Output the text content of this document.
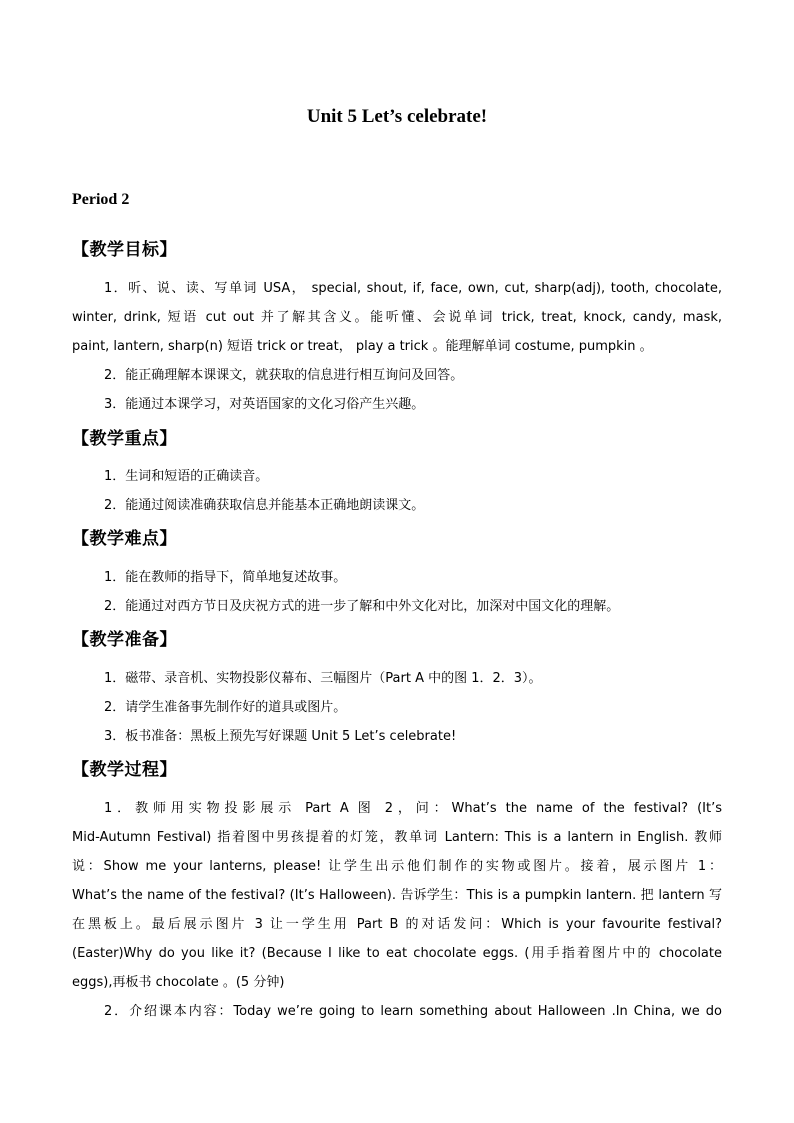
Unit 5 Let’s celebrate!
Period 2
【教学目标】
1．听、说、读、写单词 USA， special, shout, if, face, own, cut, sharp(adj), tooth, chocolate,
winter, drink, 短语 cut out 并了解其含义。能听懂、会说单词 trick, treat, knock, candy, mask,
paint, lantern, sharp(n) 短语 trick or treat， play a trick 。能理解单词 costume, pumpkin 。
2．能正确理解本课课文，就获取的信息进行相互询问及回答。
3．能通过本课学习，对英语国家的文化习俗产生兴趣。
【教学重点】
1．生词和短语的正确读音。
2．能通过阅读准确获取信息并能基本正确地朗读课文。
【教学难点】
1．能在教师的指导下，简单地复述故事。
2．能通过对西方节日及庆祝方式的进一步了解和中外文化对比，加深对中国文化的理解。
【教学准备】
1．磁带、录音机、实物投影仪幕布、三幅图片（Part A 中的图 1．2．3）。
2．请学生准备事先制作好的道具或图片。
3．板书准备：黑板上预先写好课题 Unit 5 Let’s celebrate!
【教学过程】
1．教师用实物投影展示 Part A 图 2，问：What’s the name of the festival? (It’s
Mid-Autumn Festival) 指着图中男孩提着的灯笼，教单词 Lantern: This is a lantern in English. 教师
说：Show me your lanterns, please! 让学生出示他们制作的实物或图片。接着，展示图片 1：
What’s the name of the festival? (It’s Halloween). 告诉学生：This is a pumpkin lantern. 把 lantern 写
在黑板上。最后展示图片 3 让一学生用 Part B 的对话发问：Which is your favourite festival?
(Easter)Why do you like it? (Because I like to eat chocolate eggs. (用手指着图片中的 chocolate
eggs),再板书 chocolate 。(5 分钟)
2．介绍课本内容：Today we’re going to learn something about Halloween .In China, we do
